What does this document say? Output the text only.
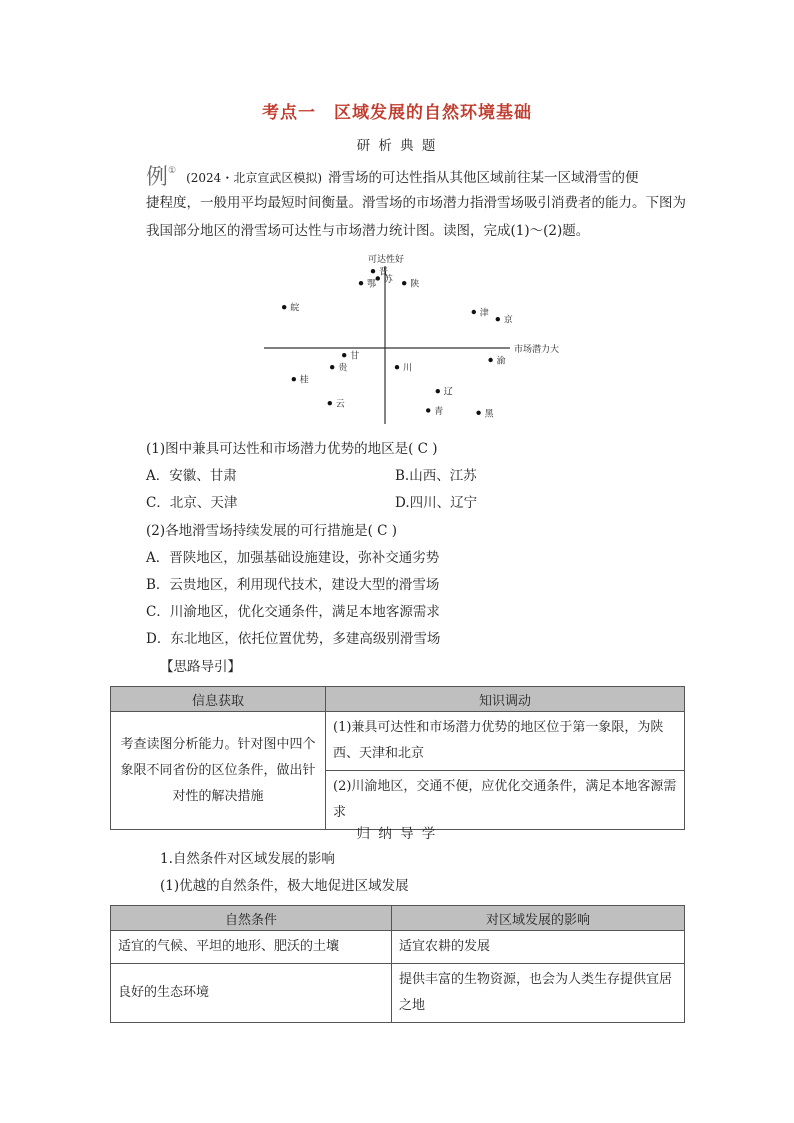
考点一　区域发展的自然环境基础
研 析 典 题
例① (2024・北京宣武区模拟) 滑雪场的可达性指从其他区域前往某一区域滑雪的便
捷程度，一般用平均最短时间衡量。滑雪场的市场潜力指滑雪场吸引消费者的能力。下图为
我国部分地区的滑雪场可达性与市场潜力统计图。读图，完成(1)～(2)题。
可达性好
市场潜力大
晋
苏
鄂	陕
皖	津
京
甘
川
贵
渝
桂
辽
云
青	黑
(1)图中兼具可达性和市场潜力优势的地区是( C )
A．安徽、甘肃	B.山西、江苏
C．北京、天津	D.四川、辽宁
(2)各地滑雪场持续发展的可行措施是( C )
A．晋陕地区，加强基础设施建设，弥补交通劣势
B．云贵地区，利用现代技术，建设大型的滑雪场
C．川渝地区，优化交通条件，满足本地客源需求
D．东北地区，依托位置优势，多建高级别滑雪场
【思路导引】
信息获取	知识调动

考查读图分析能力。针对图中四个象限不同省份的区位条件，做出针对性的解决措施	(1)兼具可达性和市场潜力优势的地区位于第一象限，为陕西、天津和北京

	(2)川渝地区，交通不便，应优化交通条件，满足本地客源需求
归 纳 导 学
1.自然条件对区域发展的影响
(1)优越的自然条件，极大地促进区域发展
自然条件	对区域发展的影响

适宜的气候、平坦的地形、肥沃的土壤	适宜农耕的发展

良好的生态环境	提供丰富的生物资源，也会为人类生存提供宜居之地
